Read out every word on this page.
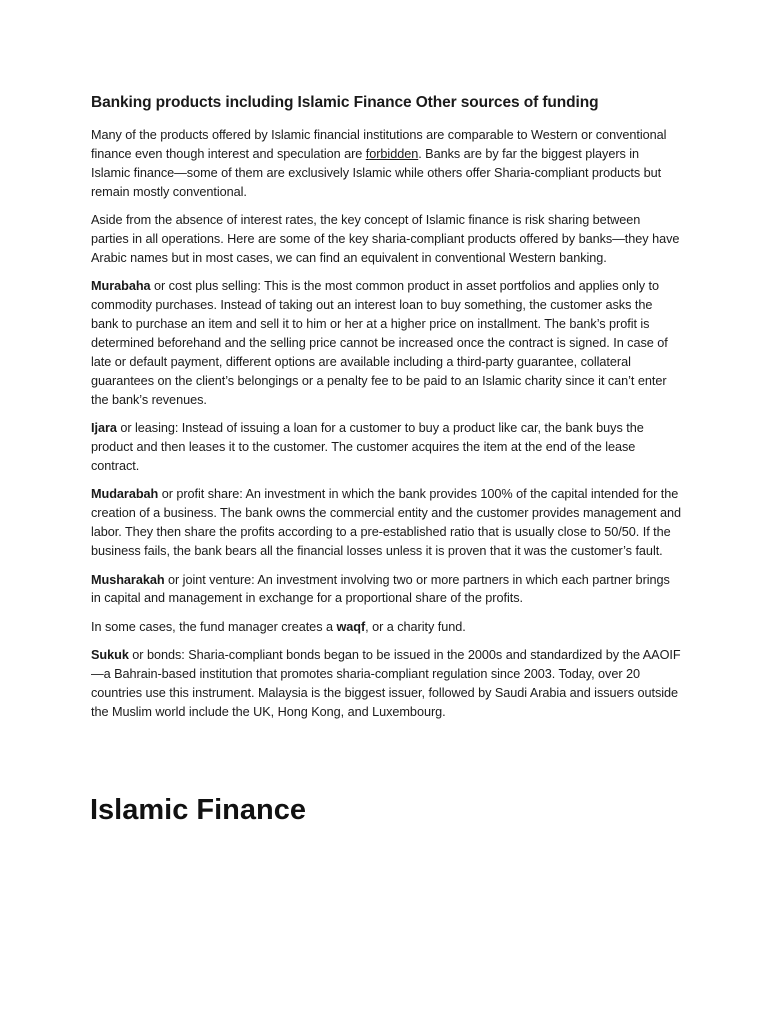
Banking products including Islamic Finance Other sources of funding

Many of the products offered by Islamic financial institutions are comparable to Western or conventional finance even though interest and speculation are forbidden. Banks are by far the biggest players in Islamic finance—some of them are exclusively Islamic while others offer Sharia-compliant products but remain mostly conventional.

Aside from the absence of interest rates, the key concept of Islamic finance is risk sharing between parties in all operations. Here are some of the key sharia-compliant products offered by banks—they have Arabic names but in most cases, we can find an equivalent in conventional Western banking.

Murabaha or cost plus selling: This is the most common product in asset portfolios and applies only to commodity purchases. Instead of taking out an interest loan to buy something, the customer asks the bank to purchase an item and sell it to him or her at a higher price on installment. The bank’s profit is determined beforehand and the selling price cannot be increased once the contract is signed. In case of late or default payment, different options are available including a third-party guarantee, collateral guarantees on the client’s belongings or a penalty fee to be paid to an Islamic charity since it can’t enter the bank’s revenues.

Ijara or leasing: Instead of issuing a loan for a customer to buy a product like car, the bank buys the product and then leases it to the customer. The customer acquires the item at the end of the lease contract.

Mudarabah or profit share: An investment in which the bank provides 100% of the capital intended for the creation of a business. The bank owns the commercial entity and the customer provides management and labor. They then share the profits according to a pre-established ratio that is usually close to 50/50. If the business fails, the bank bears all the financial losses unless it is proven that it was the customer’s fault.

Musharakah or joint venture: An investment involving two or more partners in which each partner brings in capital and management in exchange for a proportional share of the profits.

In some cases, the fund manager creates a waqf, or a charity fund.

Sukuk or bonds: Sharia-compliant bonds began to be issued in the 2000s and standardized by the AAOIF —a Bahrain-based institution that promotes sharia-compliant regulation since 2003. Today, over 20 countries use this instrument. Malaysia is the biggest issuer, followed by Saudi Arabia and issuers outside the Muslim world include the UK, Hong Kong, and Luxembourg.

Islamic Finance
